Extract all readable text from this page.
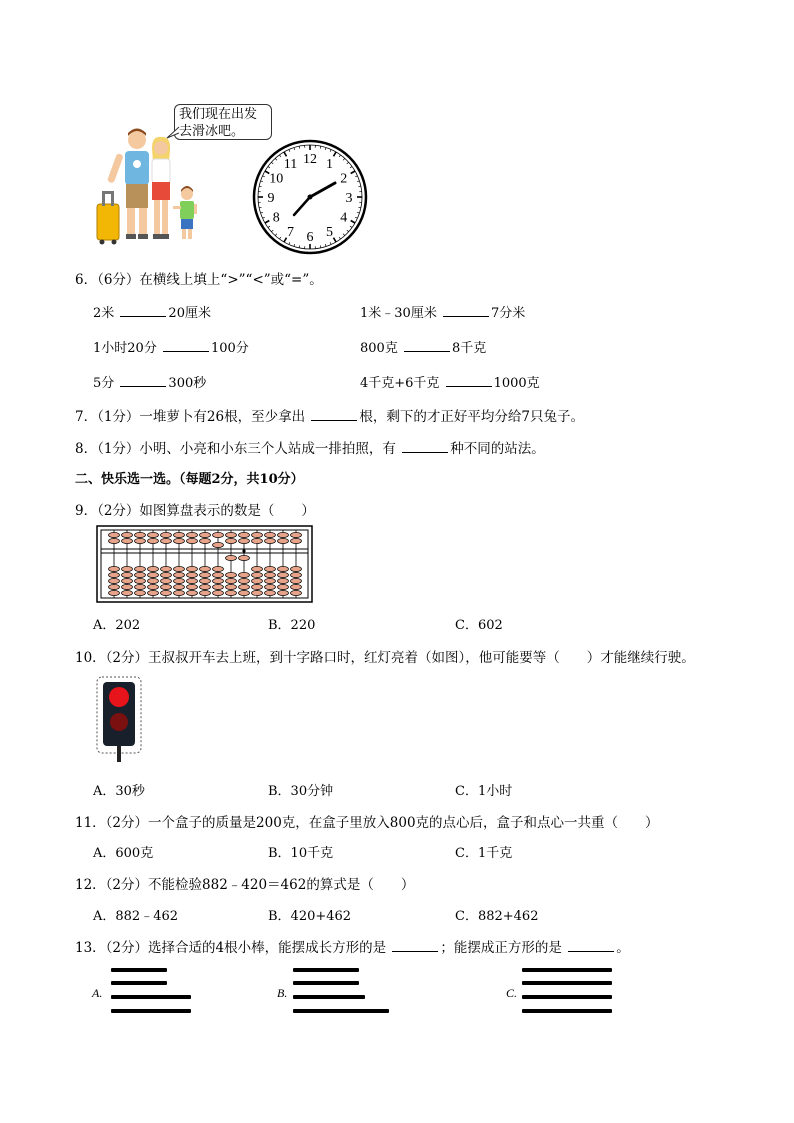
我们现在出发
去滑冰吧。
12 1
2
3
4
5
6
7
8
9
10
11
6．（6分）在横线上填上“>”“<”或“=”。
2米	20厘米	1米﹣30厘米	7分米
1小时20分	100分	800克	8千克
5分	300秒	4千克+6千克	1000克
7．（1分）一堆萝卜有26根，至少拿出	根，剩下的才正好平均分给7只兔子。
8．（1分）小明、小亮和小东三个人站成一排拍照，有	种不同的站法。
二、快乐选一选。（每题2分，共10分）
9．（2分）如图算盘表示的数是（　　）
A．202	B．220	C．602
10．（2分）王叔叔开车去上班，到十字路口时，红灯亮着（如图），他可能要等（　　）才能继续行驶。
A．30秒	B．30分钟	C．1小时
11．（2分）一个盒子的质量是200克，在盒子里放入800克的点心后，盒子和点心一共重（　　）
A．600克	B．10千克	C．1千克
12．（2分）不能检验882﹣420＝462的算式是（　　）
A．882﹣462	B．420+462	C．882+462
13．（2分）选择合适的4根小棒，能摆成长方形的是	；能摆成正方形的是	。
A.	B.	C.
